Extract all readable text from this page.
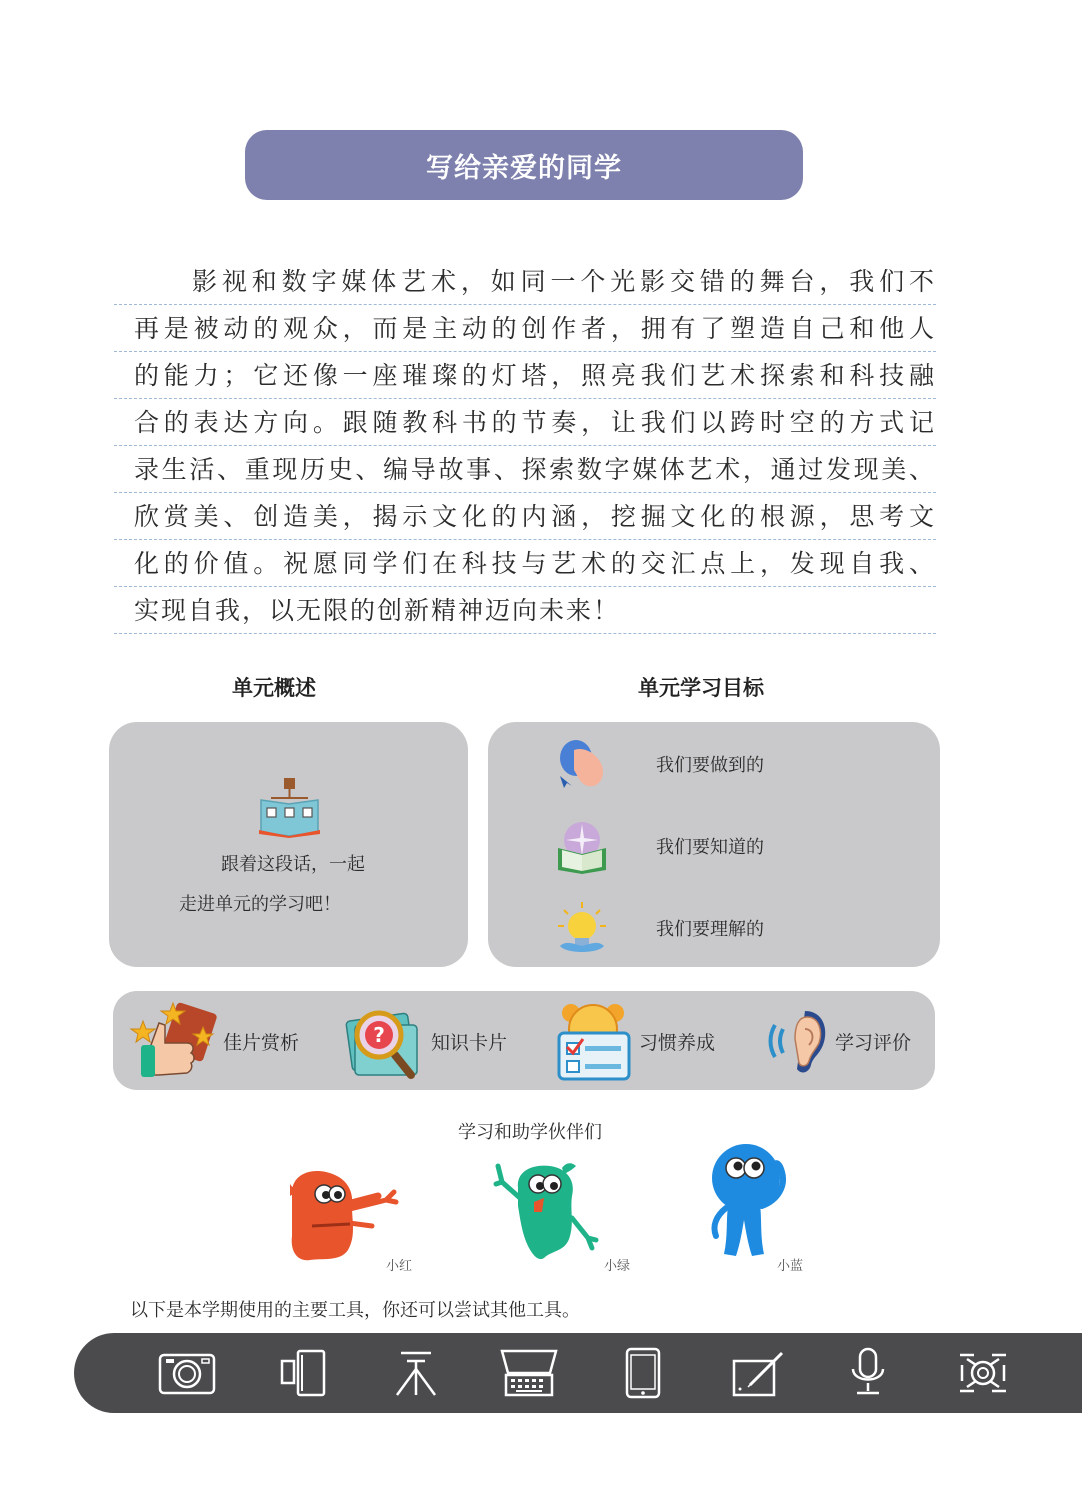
写给亲爱的同学
影视和数字媒体艺术，如同一个光影交错的舞台，我们不
再是被动的观众，而是主动的创作者，拥有了塑造自己和他人
的能力；它还像一座璀璨的灯塔，照亮我们艺术探索和科技融
合的表达方向。跟随教科书的节奏，让我们以跨时空的方式记
录生活、重现历史、编导故事、探索数字媒体艺术，通过发现美、
欣赏美、创造美，揭示文化的内涵，挖掘文化的根源，思考文
化的价值。祝愿同学们在科技与艺术的交汇点上，发现自我、
实现自我，以无限的创新精神迈向未来！
单元概述	单元学习目标
跟着这段话，一起
走进单元的学习吧！
我们要做到的
我们要知道的
我们要理解的
佳片赏析	? 知识卡片	习惯养成	学习评价
学习和助学伙伴们
小红	小绿	小蓝
以下是本学期使用的主要工具，你还可以尝试其他工具。
